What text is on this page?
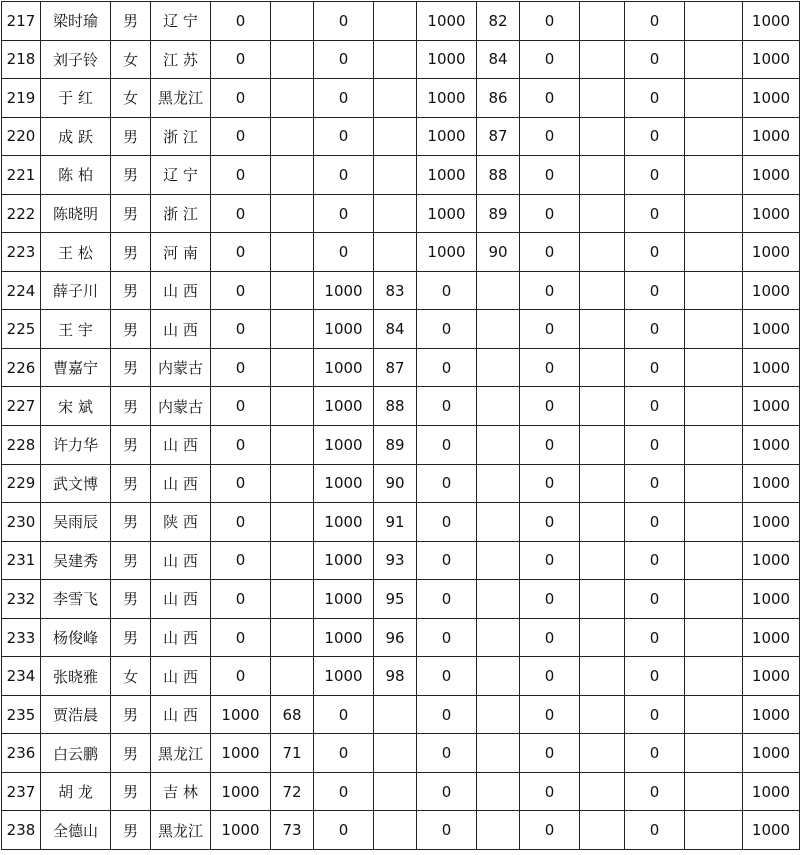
217	梁时瑜	男	辽 宁	0		0		1000	82	0		0		1000
218	刘子铃	女	江 苏	0		0		1000	84	0		0		1000
219	于 红	女	黑龙江	0		0		1000	86	0		0		1000
220	成 跃	男	浙 江	0		0		1000	87	0		0		1000
221	陈 柏	男	辽 宁	0		0		1000	88	0		0		1000
222	陈晓明	男	浙 江	0		0		1000	89	0		0		1000
223	王 松	男	河 南	0		0		1000	90	0		0		1000
224	薛子川	男	山 西	0		1000	83	0		0		0		1000
225	王 宇	男	山 西	0		1000	84	0		0		0		1000
226	曹嘉宁	男	内蒙古	0		1000	87	0		0		0		1000
227	宋 斌	男	内蒙古	0		1000	88	0		0		0		1000
228	许力华	男	山 西	0		1000	89	0		0		0		1000
229	武文博	男	山 西	0		1000	90	0		0		0		1000
230	吴雨辰	男	陕 西	0		1000	91	0		0		0		1000
231	吴建秀	男	山 西	0		1000	93	0		0		0		1000
232	李雪飞	男	山 西	0		1000	95	0		0		0		1000
233	杨俊峰	男	山 西	0		1000	96	0		0		0		1000
234	张晓雅	女	山 西	0		1000	98	0		0		0		1000
235	贾浩晨	男	山 西	1000	68	0		0		0		0		1000
236	白云鹏	男	黑龙江	1000	71	0		0		0		0		1000
237	胡 龙	男	吉 林	1000	72	0		0		0		0		1000
238	全德山	男	黑龙江	1000	73	0		0		0		0		1000
